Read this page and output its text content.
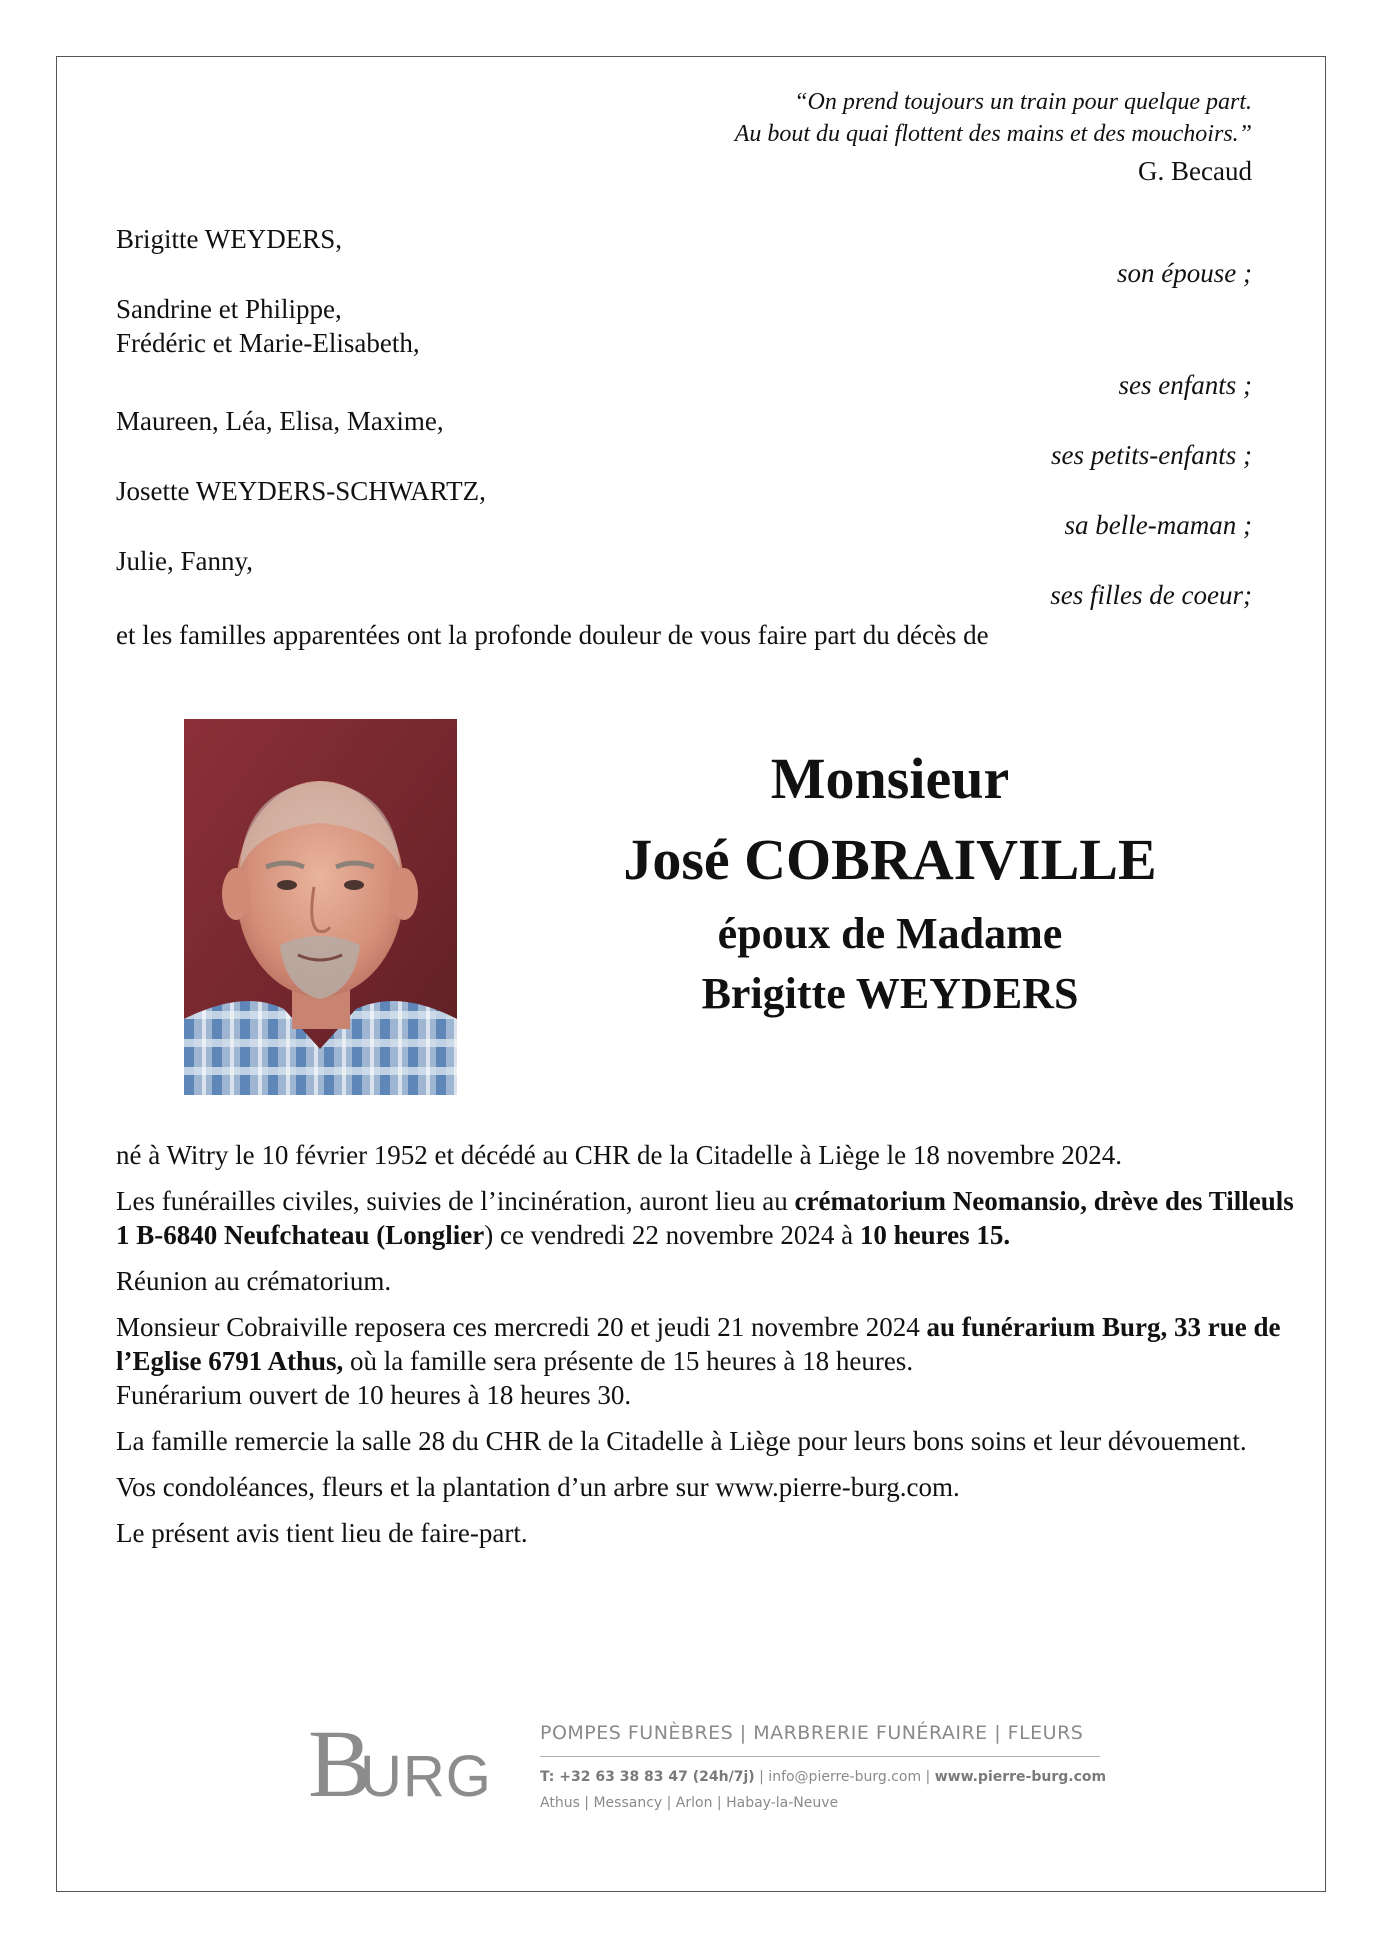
“On prend toujours un train pour quelque part.
Au bout du quai flottent des mains et des mouchoirs.”
G. Becaud
Brigitte WEYDERS,
son épouse ;
Sandrine et Philippe,
Frédéric et Marie-Elisabeth,
ses enfants ;
Maureen, Léa, Elisa, Maxime,
ses petits-enfants ;
Josette WEYDERS-SCHWARTZ,
sa belle-maman ;
Julie, Fanny,
ses filles de coeur;
et les familles apparentées ont la profonde douleur de vous faire part du décès de
Monsieur
José COBRAIVILLE
époux de Madame
Brigitte WEYDERS

né à Witry le 10 février 1952 et décédé au CHR de la Citadelle à Liège le 18 novembre 2024.

Les funérailles civiles, suivies de l’incinération, auront lieu au crématorium Neomansio, drève des Tilleuls 1 B-6840 Neufchateau (Longlier) ce vendredi 22 novembre 2024 à 10 heures 15.

Réunion au crématorium.

Monsieur Cobraiville reposera ces mercredi 20 et jeudi 21 novembre 2024 au funérarium Burg, 33 rue de l’Eglise 6791 Athus, où la famille sera présente de 15 heures à 18 heures.
Funérarium ouvert de 10 heures à 18 heures 30.

La famille remercie la salle 28 du CHR de la Citadelle à Liège pour leurs bons soins et leur dévouement.

Vos condoléances, fleurs et la plantation d’un arbre sur www.pierre-burg.com.

Le présent avis tient lieu de faire-part.

B
URG
POMPES FUNÈBRES | MARBRERIE FUNÉRAIRE | FLEURS
T: +32 63 38 83 47 (24h/7j) | info@pierre-burg.com | www.pierre-burg.com
Athus | Messancy | Arlon | Habay-la-Neuve
